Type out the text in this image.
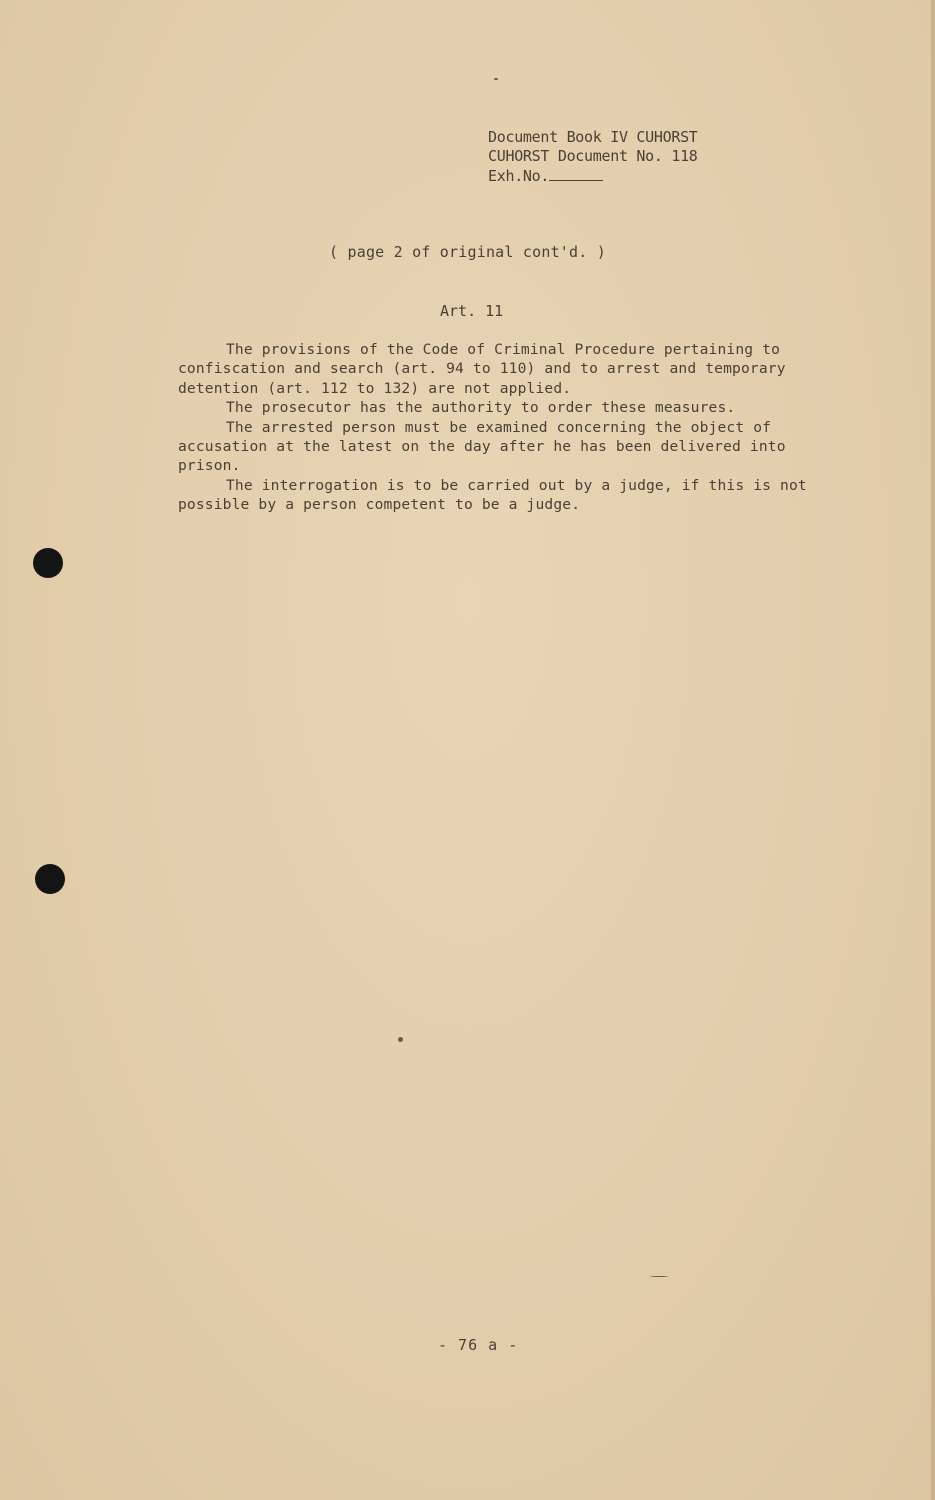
Document Book IV CUHORST
CUHORST Document No. 118
Exh.No.
( page 2 of original cont'd. )
Art. 11

The provisions of the Code of Criminal Procedure pertaining to confiscation and search (art. 94 to 110) and to arrest and temporary detention (art. 112 to 132) are not applied.

The prosecutor has the authority to order these measures.

The arrested person must be examined concerning the object of accusation at the latest on the day after he has been delivered into prison.

The interrogation is to be carried out by a judge, if this is not possible by a person competent to be a judge.

- 76 a -
